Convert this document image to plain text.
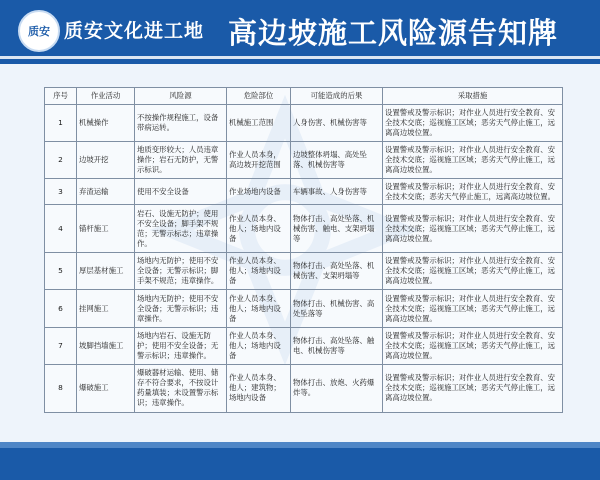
质安 质安文化进工地 高边坡施工风险源告知牌
序号	作业活动	风险源	危险部位	可能造成的后果	采取措施
1	机械操作	不按操作规程施工，设备带病运转。	机械施工范围	人身伤害、机械伤害等	设置警戒及警示标识；对作业人员进行安全教育、安全技术交底；巡视施工区域；恶劣天气停止施工，远离高边坡位置。
2	边坡开挖	地质变形较大；人员违章操作；岩石无防护，无警示标识。	作业人员本身，高边坡开挖范围	边坡整体坍塌、高处坠落、机械伤害等	设置警戒及警示标识；对作业人员进行安全教育、安全技术交底；巡视施工区域；恶劣天气停止施工，远离高边坡位置。
3	弃渣运输	使用不安全设备	作业场地内设备	车辆事故、人身伤害等	设置警戒及警示标识；对作业人员进行安全教育、安全技术交底；恶劣天气停止施工，远离高边坡位置。
4	锚杆施工	岩石、设施无防护；使用不安全设备；脚手架不规范；无警示标志；违章操作。	作业人员本身、他人；场地内设备	物体打击、高处坠落、机械伤害、触电、支架坍塌等	设置警戒及警示标识；对作业人员进行安全教育、安全技术交底；巡视施工区域；恶劣天气停止施工，远离高边坡位置。
5	厚层基材施工	场地内无防护；使用不安全设备；无警示标识；脚手架不规范；违章操作。	作业人员本身、他人；场地内设备	物体打击、高处坠落、机械伤害、支架坍塌等	设置警戒及警示标识；对作业人员进行安全教育、安全技术交底；巡视施工区域；恶劣天气停止施工，远离高边坡位置。
6	挂网施工	场地内无防护；使用不安全设备；无警示标识；违章操作。	作业人员本身、他人；场地内设备	物体打击、机械伤害、高处坠落等	设置警戒及警示标识；对作业人员进行安全教育、安全技术交底；巡视施工区域；恶劣天气停止施工，远离高边坡位置。
7	坡脚挡墙施工	场地内岩石、设施无防护；使用不安全设备；无警示标识；违章操作。	作业人员本身、他人；场地内设备	物体打击、高处坠落、触电、机械伤害等	设置警戒及警示标识；对作业人员进行安全教育、安全技术交底；巡视施工区域；恶劣天气停止施工，远离高边坡位置。
8	爆破施工	爆破器材运输、使用、储存不符合要求，不按设计药量填装；未设置警示标识；违章操作。	作业人员本身、他人；建筑物；场地内设备	物体打击、放炮、火药爆炸等。	设置警戒及警示标识；对作业人员进行安全教育、安全技术交底；巡视施工区域；恶劣天气停止施工，远离高边坡位置。
